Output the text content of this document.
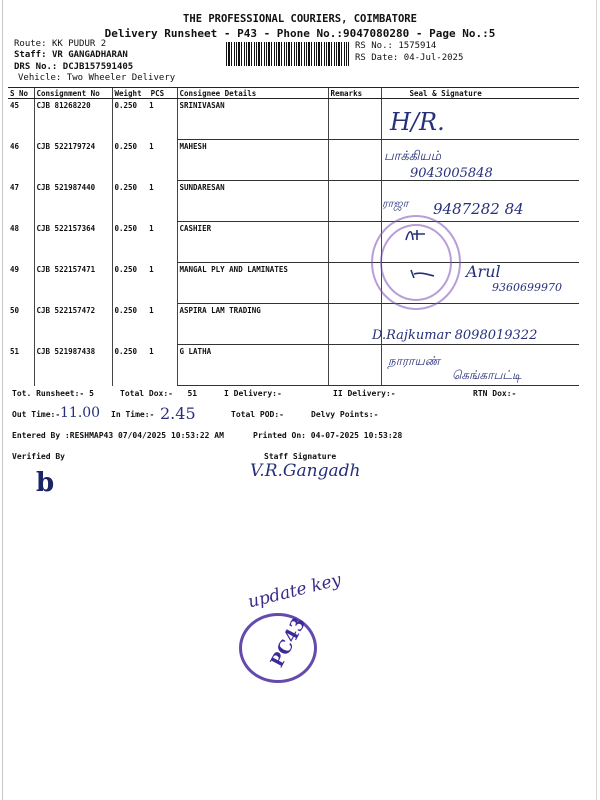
THE PROFESSIONAL COURIERS, COIMBATORE
Delivery Runsheet - P43 - Phone No.:9047080280 - Page No.:5
Route: KK PUDUR 2
Staff: VR GANGADHARAN
DRS No.: DCJB157591405
Vehicle: Two Wheeler Delivery
RS No.: 1575914
RS Date: 04-Jul-2025
S No	Consignment No	Weight PCS	Consignee Details	Remarks	Seal & Signature
45	CJB 81268220	0.250 1	SRINIVASAN		
46	CJB 522179724	0.250 1	MAHESH		
47	CJB 521987440	0.250 1	SUNDARESAN		
48	CJB 522157364	0.250 1	CASHIER		
49	CJB 522157471	0.250 1	MANGAL PLY AND LAMINATES		
50	CJB 522157472	0.250 1	ASPIRA LAM TRADING		
51	CJB 521987438	0.250 1	G LATHA		
H/R.
பாக்கியம்
9043005848
ராஜா 9487282 84
Arul
9360699970
D.Rajkumar 8098019322
நாராயண்
கெங்காபட்டி
Tot. Runsheet:- 5	Total Dox:- 51	I Delivery:-	II Delivery:-	RTN Dox:-
Out Time:- 11.00 In Time:- 2.45	Total POD:-	Delvy Points:-
Entered By :RESHMAP43 07/04/2025 10:53:22 AM	Printed On: 04-07-2025 10:53:28
Verified By	Staff Signature
b	V.R.Gangadh
update key
PC43
